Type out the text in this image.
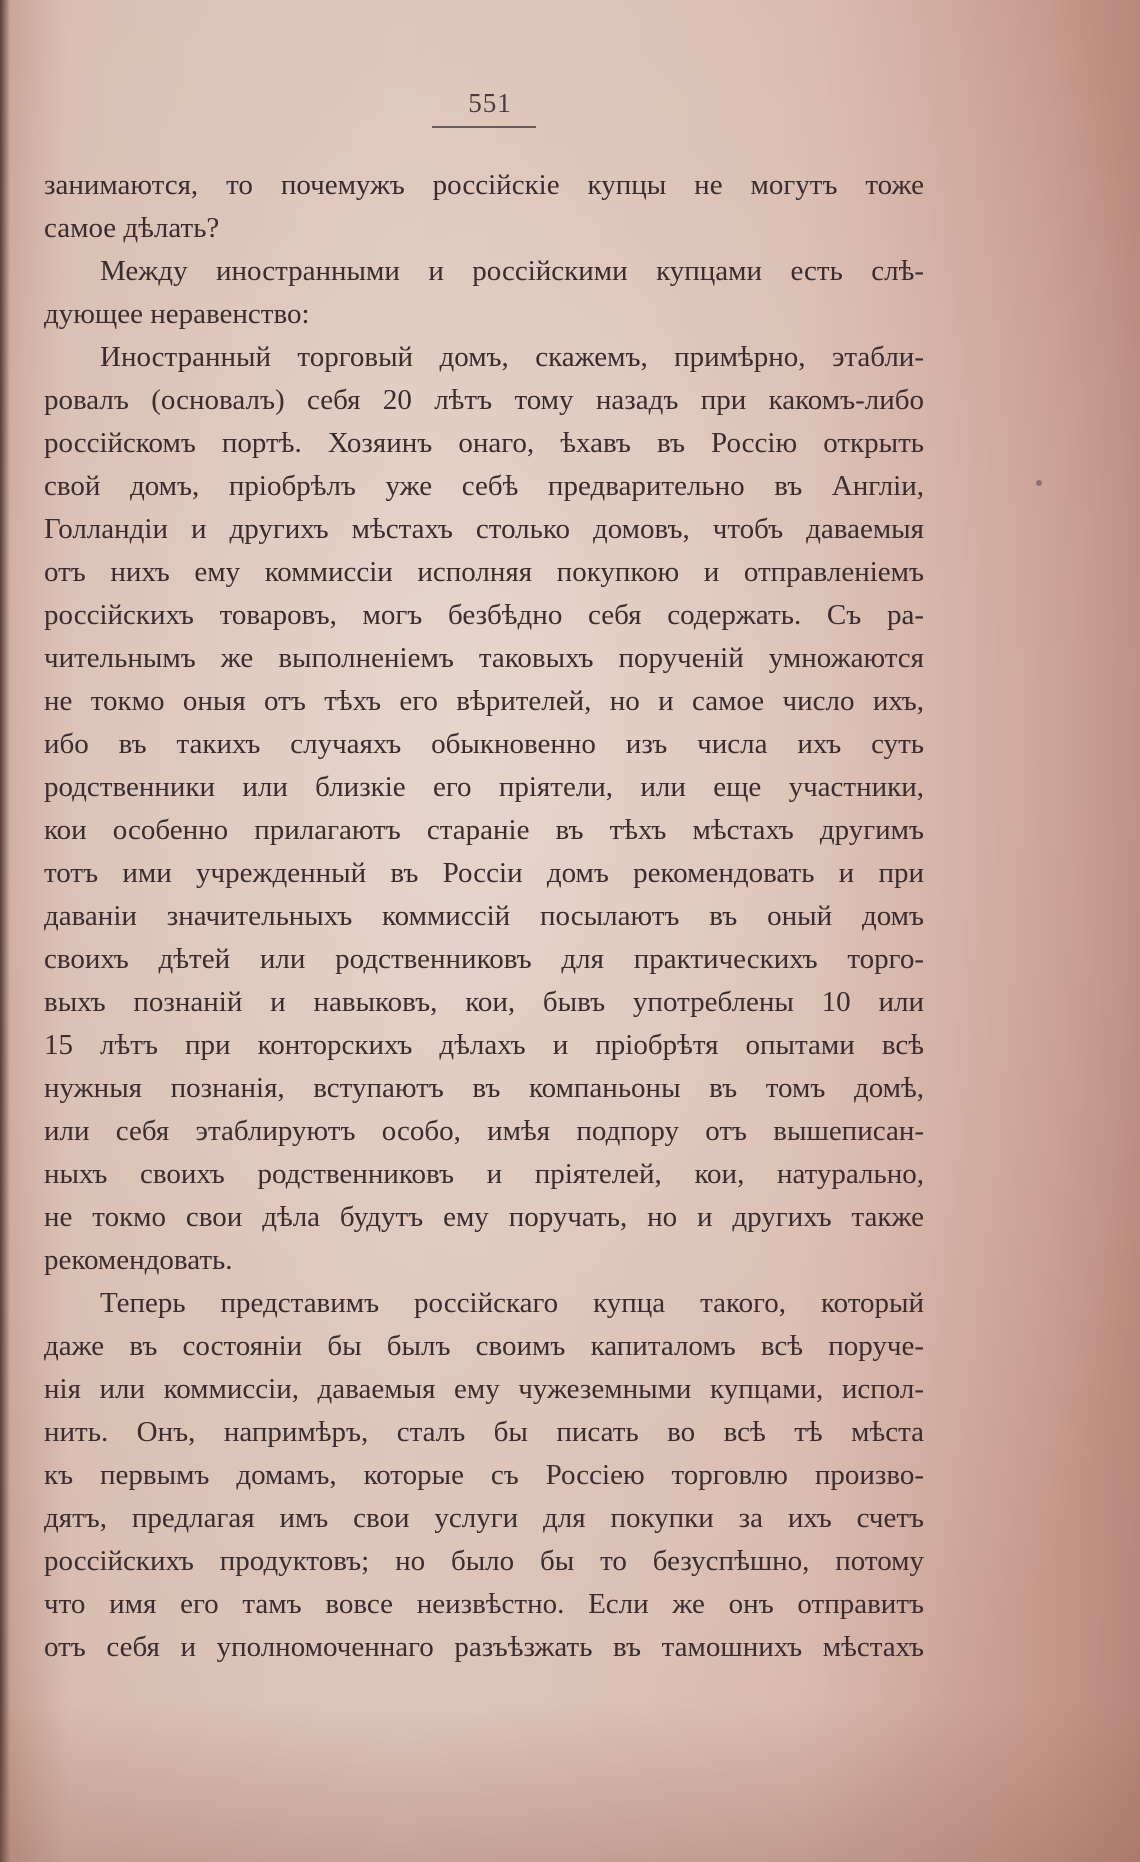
551
занимаются, то почемужъ россійскіе купцы не могутъ тоже
самое дѣлать?
Между иностранными и россійскими купцами есть слѣ-
дующее неравенство:
Иностранный торговый домъ, скажемъ, примѣрно, этабли-
ровалъ (основалъ) себя 20 лѣтъ тому назадъ при какомъ-либо
россійскомъ портѣ. Хозяинъ онаго, ѣхавъ въ Россію открыть
свой домъ, пріобрѣлъ уже себѣ предварительно въ Англіи,
Голландіи и другихъ мѣстахъ столько домовъ, чтобъ даваемыя
отъ нихъ ему коммиссіи исполняя покупкою и отправленіемъ
россійскихъ товаровъ, могъ безбѣдно себя содержать. Съ ра-
чительнымъ же выполненіемъ таковыхъ порученій умножаются
не токмо оныя отъ тѣхъ его вѣрителей, но и самое число ихъ,
ибо въ такихъ случаяхъ обыкновенно изъ числа ихъ суть
родственники или близкіе его пріятели, или еще участники,
кои особенно прилагаютъ стараніе въ тѣхъ мѣстахъ другимъ
тотъ ими учрежденный въ Россіи домъ рекомендовать и при
даваніи значительныхъ коммиссій посылаютъ въ оный домъ
своихъ дѣтей или родственниковъ для практическихъ торго-
выхъ познаній и навыковъ, кои, бывъ употреблены 10 или
15 лѣтъ при конторскихъ дѣлахъ и пріобрѣтя опытами всѣ
нужныя познанія, вступаютъ въ компаньоны въ томъ домѣ,
или себя этаблируютъ особо, имѣя подпору отъ вышеписан-
ныхъ своихъ родственниковъ и пріятелей, кои, натурально,
не токмо свои дѣла будутъ ему поручать, но и другихъ также
рекомендовать.
Теперь представимъ россійскаго купца такого, который
даже въ состояніи бы былъ своимъ капиталомъ всѣ поруче-
нія или коммиссіи, даваемыя ему чужеземными купцами, испол-
нить. Онъ, напримѣръ, сталъ бы писать во всѣ тѣ мѣста
къ первымъ домамъ, которые съ Россіею торговлю произво-
дятъ, предлагая имъ свои услуги для покупки за ихъ счетъ
россійскихъ продуктовъ; но было бы то безуспѣшно, потому
что имя его тамъ вовсе неизвѣстно. Если же онъ отправитъ
отъ себя и уполномоченнаго разъѣзжать въ тамошнихъ мѣстахъ
